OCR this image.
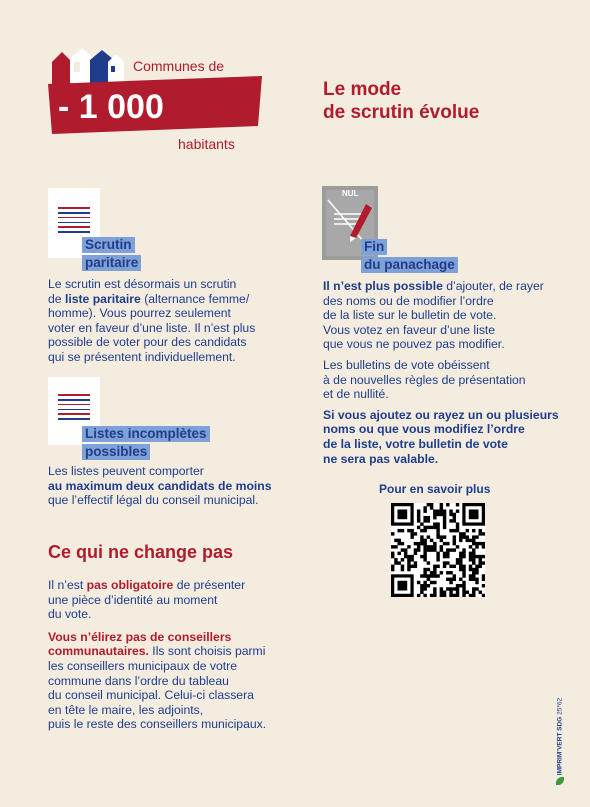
Communes de
- 1 000
habitants
Le mode
de scrutin évolue
Scrutin
paritaire
Le scrutin est désormais un scrutin
de liste paritaire (alternance femme/
homme). Vous pourrez seulement
voter en faveur d’une liste. Il n’est plus
possible de voter pour des candidats
qui se présentent individuellement.
Listes incomplètes
possibles
Les listes peuvent comporter
au maximum deux candidats de moins
que l’effectif légal du conseil municipal.
NUL
Fin
du panachage
Il n’est plus possible d’ajouter, de rayer
des noms ou de modifier l’ordre
de la liste sur le bulletin de vote.
Vous votez en faveur d’une liste
que vous ne pouvez pas modifier.
Les bulletins de vote obéissent
à de nouvelles règles de présentation
et de nullité.
Si vous ajoutez ou rayez un ou plusieurs
noms ou que vous modifiez l’ordre
de la liste, votre bulletin de vote
ne sera pas valable.
Pour en savoir plus
Ce qui ne change pas
Il n’est pas obligatoire de présenter
une pièce d’identité au moment
du vote.
Vous n’élirez pas de conseillers
communautaires. Ils sont choisis parmi
les conseillers municipaux de votre
commune dans l’ordre du tableau
du conseil municipal. Celui-ci classera
en tête le maire, les adjoints,
puis le reste des conseillers municipaux.
IMPRIM’VERT SDG 25*62
